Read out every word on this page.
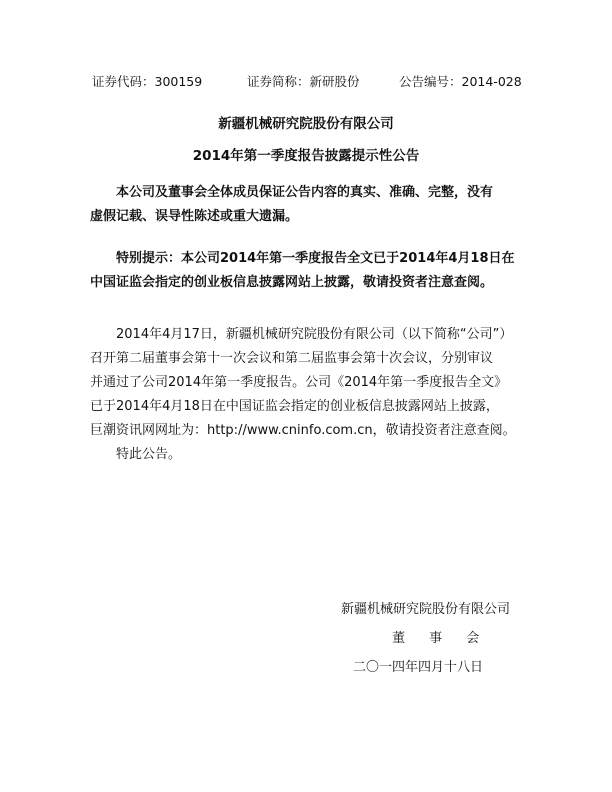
证券代码：300159	证券简称：新研股份	公告编号：2014-028
新疆机械研究院股份有限公司
2014年第一季度报告披露提示性公告
本公司及董事会全体成员保证公告内容的真实、准确、完整，没有
虚假记载、误导性陈述或重大遗漏。
特别提示：本公司2014年第一季度报告全文已于2014年4月18日在
中国证监会指定的创业板信息披露网站上披露，敬请投资者注意查阅。
2014年4月17日，新疆机械研究院股份有限公司（以下简称“公司”）
召开第二届董事会第十一次会议和第二届监事会第十次会议，分别审议
并通过了公司2014年第一季度报告。公司《2014年第一季度报告全文》
已于2014年4月18日在中国证监会指定的创业板信息披露网站上披露，
巨潮资讯网网址为：http://www.cninfo.com.cn，敬请投资者注意查阅。
特此公告。
新疆机械研究院股份有限公司
董 事 会
二〇一四年四月十八日
